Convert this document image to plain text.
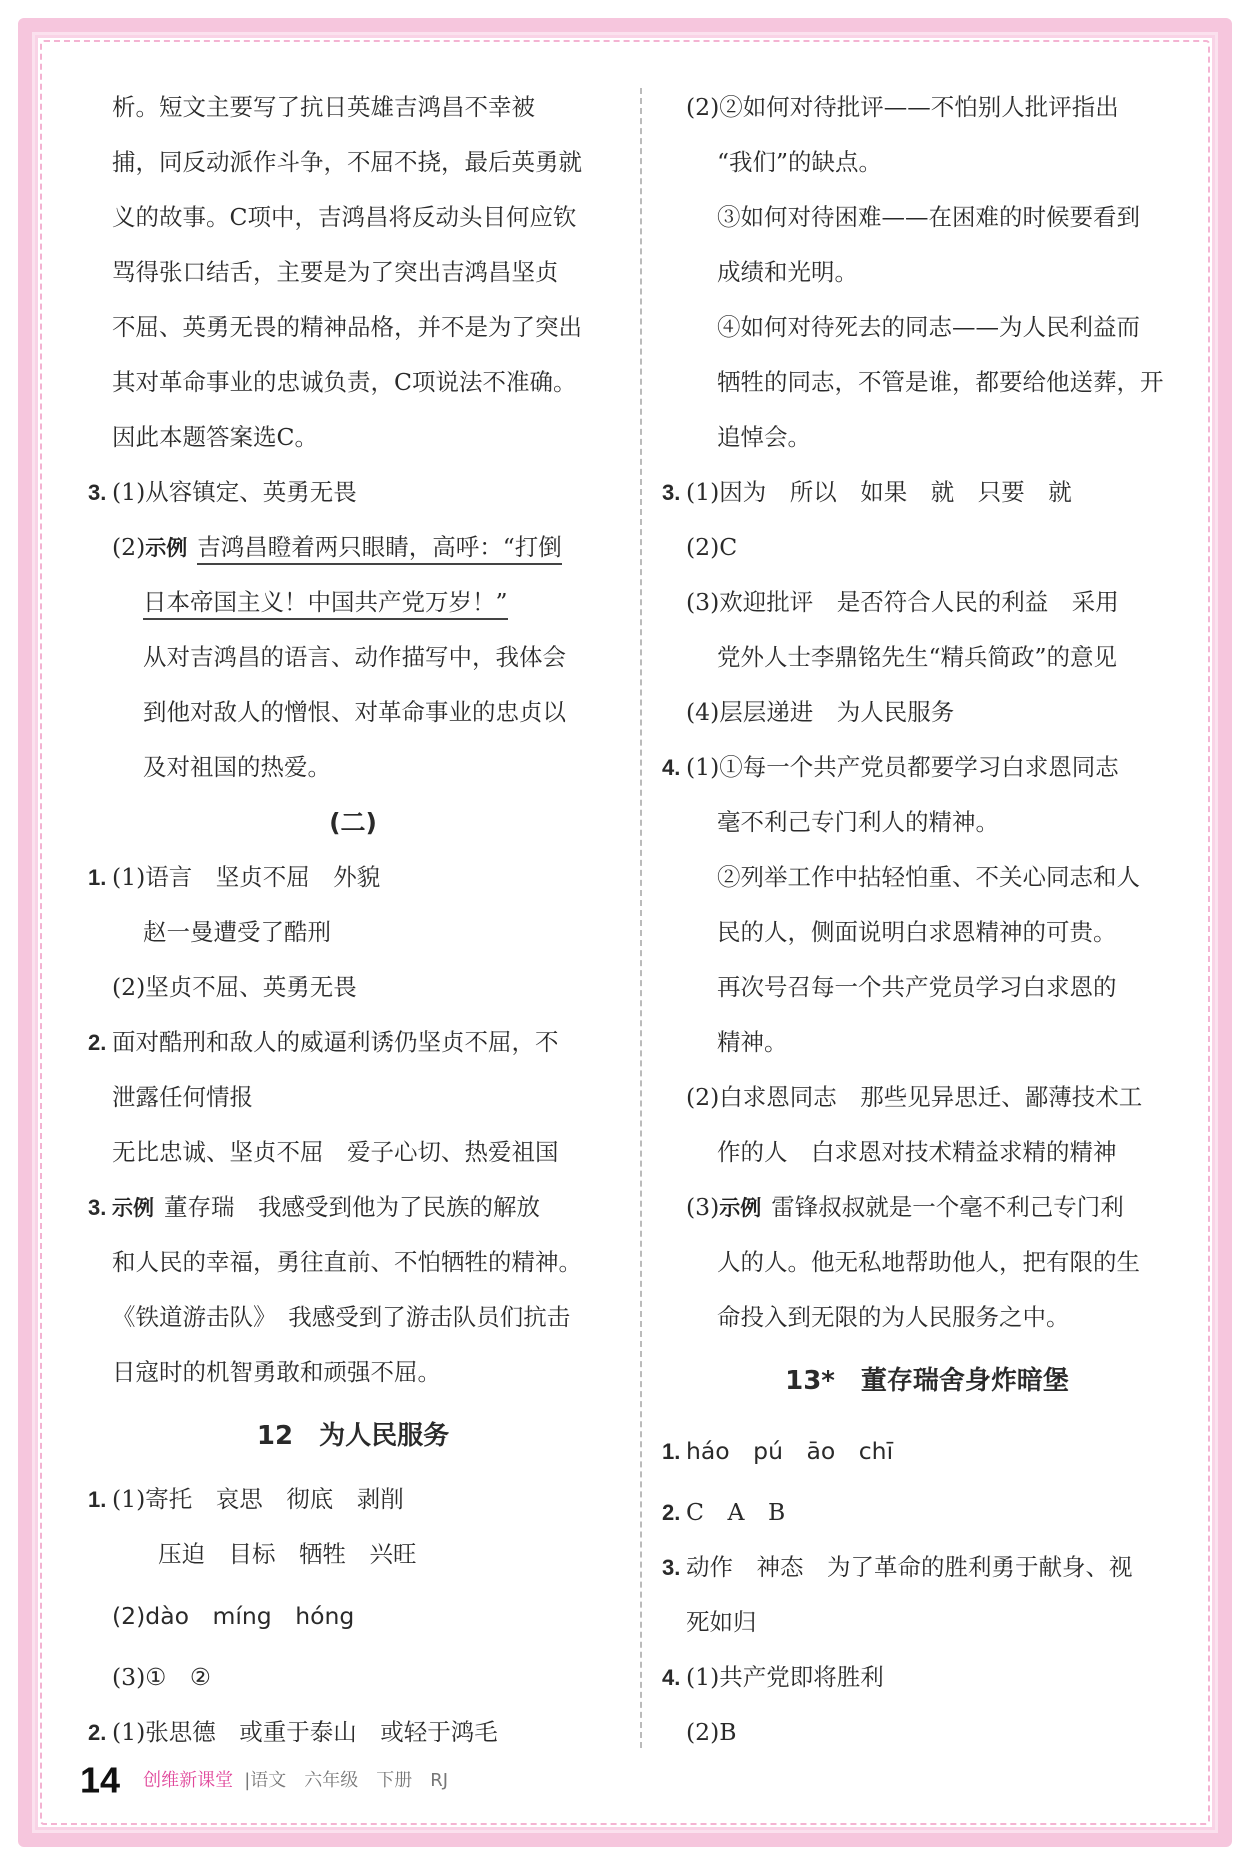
析。短文主要写了抗日英雄吉鸿昌不幸被
捕，同反动派作斗争，不屈不挠，最后英勇就
义的故事。C项中，吉鸿昌将反动头目何应钦
骂得张口结舌，主要是为了突出吉鸿昌坚贞
不屈、英勇无畏的精神品格，并不是为了突出
其对革命事业的忠诚负责，C项说法不准确。
因此本题答案选C。
3. (1)从容镇定、英勇无畏
(2)示例 吉鸿昌瞪着两只眼睛，高呼：“打倒
日本帝国主义！中国共产党万岁！”
从对吉鸿昌的语言、动作描写中，我体会
到他对敌人的憎恨、对革命事业的忠贞以
及对祖国的热爱。
(二)
1. (1)语言　坚贞不屈　外貌
赵一曼遭受了酷刑
(2)坚贞不屈、英勇无畏
2. 面对酷刑和敌人的威逼利诱仍坚贞不屈，不
泄露任何情报
无比忠诚、坚贞不屈　爱子心切、热爱祖国
3. 示例 董存瑞　我感受到他为了民族的解放
和人民的幸福，勇往直前、不怕牺牲的精神。
《铁道游击队》　我感受到了游击队员们抗击
日寇时的机智勇敢和顽强不屈。
12　为人民服务
1. (1)寄托　哀思　彻底　剥削
压迫　目标　牺牲　兴旺
(2)dào　míng　hóng
(3)①　②
2. (1)张思德　或重于泰山　或轻于鸿毛
(2)②如何对待批评——不怕别人批评指出
“我们”的缺点。
③如何对待困难——在困难的时候要看到
成绩和光明。
④如何对待死去的同志——为人民利益而
牺牲的同志，不管是谁，都要给他送葬，开
追悼会。
3. (1)因为　所以　如果　就　只要　就
(2)C
(3)欢迎批评　是否符合人民的利益　采用
党外人士李鼎铭先生“精兵简政”的意见
(4)层层递进　为人民服务
4. (1)①每一个共产党员都要学习白求恩同志
毫不利己专门利人的精神。
②列举工作中拈轻怕重、不关心同志和人
民的人，侧面说明白求恩精神的可贵。
再次号召每一个共产党员学习白求恩的
精神。
(2)白求恩同志　那些见异思迁、鄙薄技术工
作的人　白求恩对技术精益求精的精神
(3)示例 雷锋叔叔就是一个毫不利己专门利
人的人。他无私地帮助他人，把有限的生
命投入到无限的为人民服务之中。
13*　董存瑞舍身炸暗堡
1. háo　pú　āo　chī
2. C　A　B
3. 动作　神态　为了革命的胜利勇于献身、视
死如归
4. (1)共产党即将胜利
(2)B
14 创维新课堂 |语文　六年级　下册　RJ
